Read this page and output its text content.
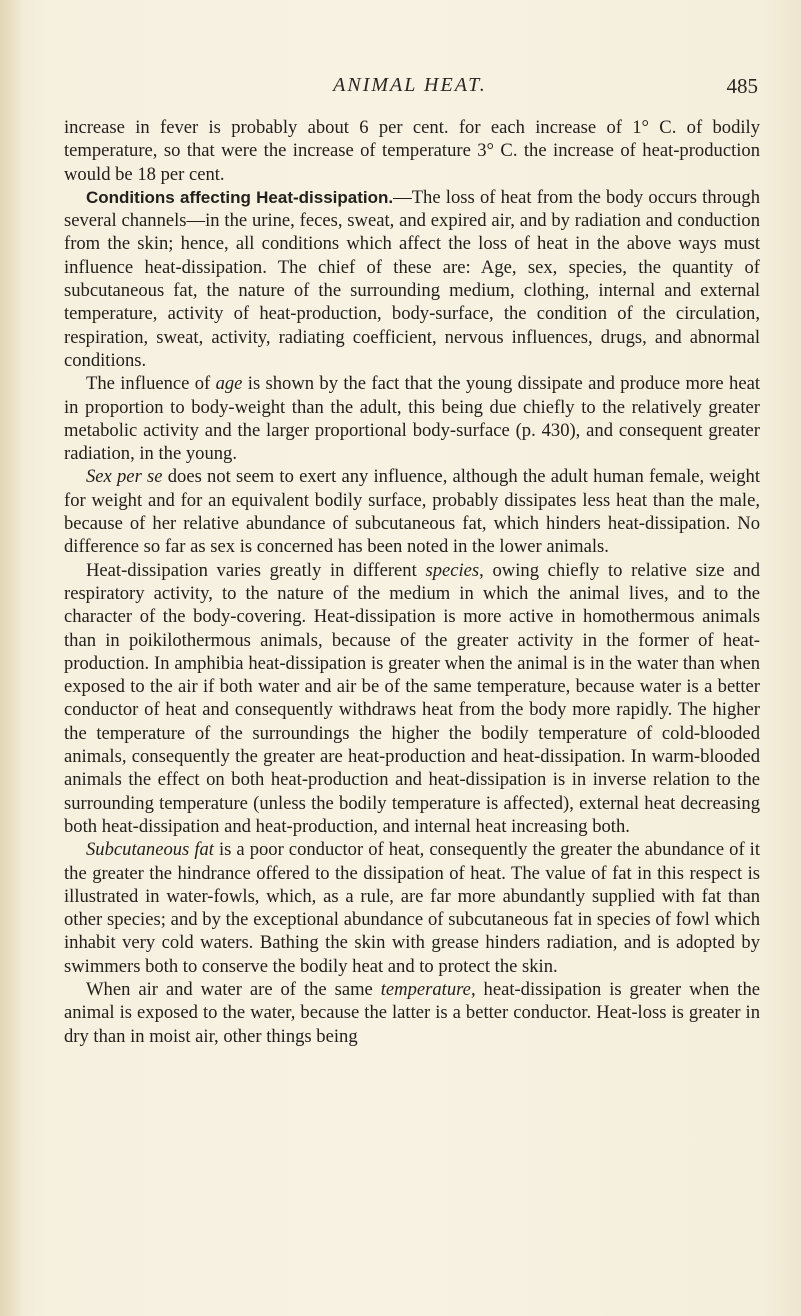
ANIMAL HEAT.	485

increase in fever is probably about 6 per cent. for each increase of 1° C. of bodily temperature, so that were the increase of temperature 3° C. the increase of heat-production would be 18 per cent.

Conditions affecting Heat-dissipation.—The loss of heat from the body occurs through several channels—in the urine, feces, sweat, and expired air, and by radiation and conduction from the skin; hence, all conditions which affect the loss of heat in the above ways must influence heat-dissipation. The chief of these are: Age, sex, species, the quantity of subcutaneous fat, the nature of the surrounding medium, clothing, internal and external temperature, activity of heat-production, body-surface, the condition of the circulation, respiration, sweat, activity, radiating coefficient, nervous influences, drugs, and abnormal conditions.

The influence of age is shown by the fact that the young dissipate and produce more heat in proportion to body-weight than the adult, this being due chiefly to the relatively greater metabolic activity and the larger proportional body-surface (p. 430), and consequent greater radiation, in the young.

Sex per se does not seem to exert any influence, although the adult human female, weight for weight and for an equivalent bodily surface, probably dissipates less heat than the male, because of her relative abundance of subcutaneous fat, which hinders heat-dissipation. No difference so far as sex is concerned has been noted in the lower animals.

Heat-dissipation varies greatly in different species, owing chiefly to relative size and respiratory activity, to the nature of the medium in which the animal lives, and to the character of the body-covering. Heat-dissipation is more active in homothermous animals than in poikilothermous animals, because of the greater activity in the former of heat-production. In amphibia heat-dissipation is greater when the animal is in the water than when exposed to the air if both water and air be of the same temperature, because water is a better conductor of heat and consequently withdraws heat from the body more rapidly. The higher the temperature of the surroundings the higher the bodily temperature of cold-blooded animals, consequently the greater are heat-production and heat-dissipation. In warm-blooded animals the effect on both heat-production and heat-dissipation is in inverse relation to the surrounding temperature (unless the bodily temperature is affected), external heat decreasing both heat-dissipation and heat-production, and internal heat increasing both.

Subcutaneous fat is a poor conductor of heat, consequently the greater the abundance of it the greater the hindrance offered to the dissipation of heat. The value of fat in this respect is illustrated in water-fowls, which, as a rule, are far more abundantly supplied with fat than other species; and by the exceptional abundance of subcutaneous fat in species of fowl which inhabit very cold waters. Bathing the skin with grease hinders radiation, and is adopted by swimmers both to conserve the bodily heat and to protect the skin.

When air and water are of the same temperature, heat-dissipation is greater when the animal is exposed to the water, because the latter is a better conductor. Heat-loss is greater in dry than in moist air, other things being
